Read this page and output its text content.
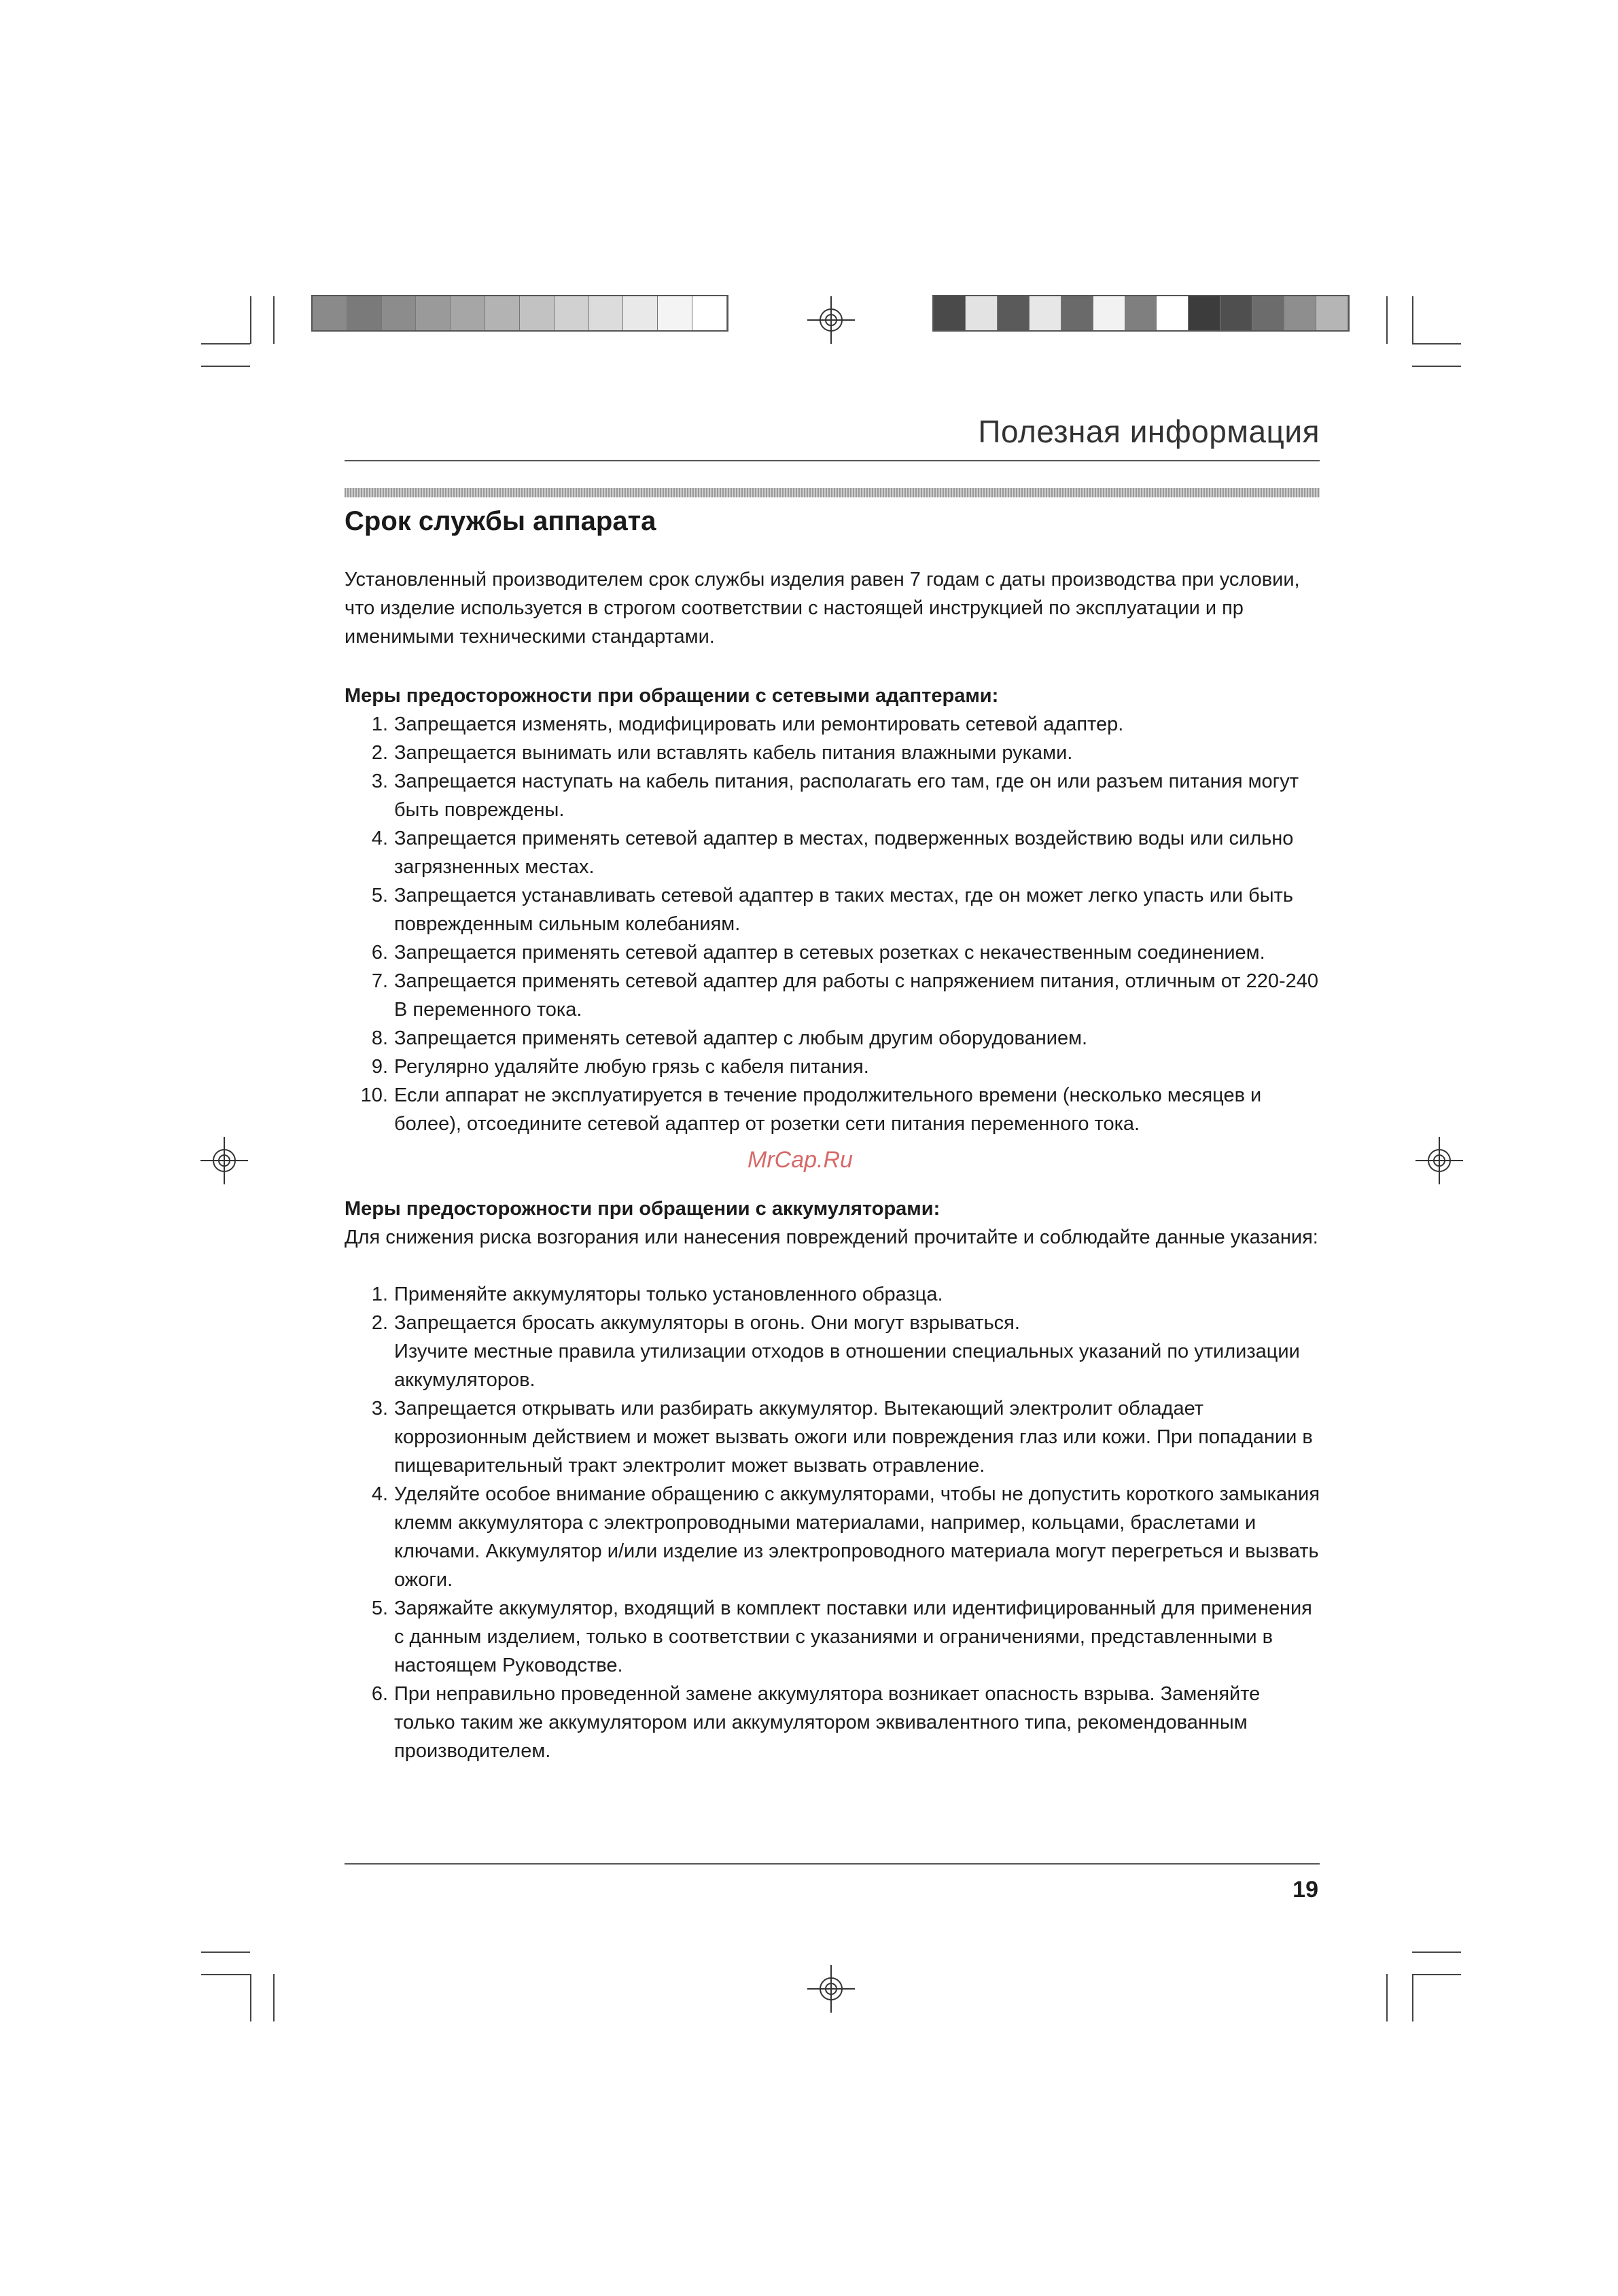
Полезная информация
Срок службы аппарата
Установленный производителем срок службы изделия равен 7 годам с даты производства при условии, что изделие используется в строгом соответствии с настоящей инструкцией по эксплуатации и пр именимыми техническими стандартами.
Меры предосторожности при обращении с сетевыми адаптерами:
1. Запрещается изменять, модифицировать или ремонтировать сетевой адаптер.
2. Запрещается вынимать или вставлять кабель питания влажными руками.
3. Запрещается наступать на кабель питания, располагать его там, где он или разъем питания могут быть повреждены.
4. Запрещается применять сетевой адаптер в местах, подверженных воздействию воды или сильно загрязненных местах.
5. Запрещается устанавливать сетевой адаптер в таких местах, где он может легко упасть или быть поврежденным сильным колебаниям.
6. Запрещается применять сетевой адаптер в сетевых розетках с некачественным соединением.
7. Запрещается применять сетевой адаптер для работы с напряжением питания, отличным от 220-240 В переменного тока.
8. Запрещается применять сетевой адаптер с любым другим оборудованием.
9. Регулярно удаляйте любую грязь с кабеля питания.
10. Если аппарат не эксплуатируется в течение продолжительного времени (несколько месяцев и более), отсоедините сетевой адаптер от розетки сети питания переменного тока.
MrCap.Ru
Меры предосторожности при обращении с аккумуляторами:
Для снижения риска возгорания или нанесения повреждений прочитайте и соблюдайте данные указания:
1. Применяйте аккумуляторы только установленного образца.
2. Запрещается бросать аккумуляторы в огонь. Они могут взрываться.
Изучите местные правила утилизации отходов в отношении специальных указаний по утилизации аккумуляторов.
3. Запрещается открывать или разбирать аккумулятор. Вытекающий электролит обладает коррозионным действием и может вызвать ожоги или повреждения глаз или кожи. При попадании в пищеварительный тракт электролит может вызвать отравление.
4. Уделяйте особое внимание обращению с аккумуляторами, чтобы не допустить короткого замыкания клемм аккумулятора с электропроводными материалами, например, кольцами, браслетами и ключами. Аккумулятор и/или изделие из электропроводного материала могут перегреться и вызвать ожоги.
5. Заряжайте аккумулятор, входящий в комплект поставки или идентифицированный для применения с данным изделием, только в соответствии с указаниями и ограничениями, представленными в настоящем Руководстве.
6. При неправильно проведенной замене аккумулятора возникает опасность взрыва. Заменяйте только таким же аккумулятором или аккумулятором эквивалентного типа, рекомендованным производителем.
19
